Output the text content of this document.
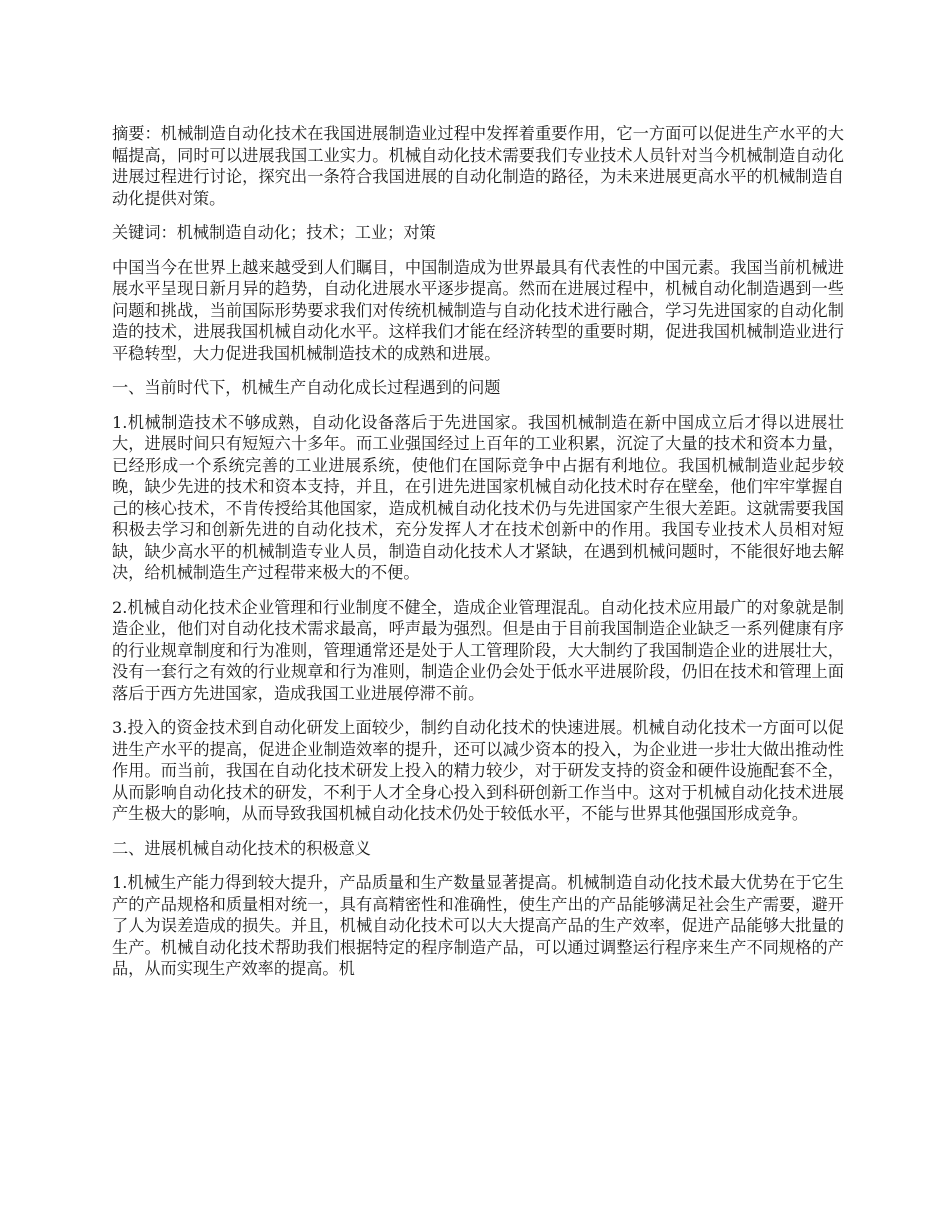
摘要：机械制造自动化技术在我国进展制造业过程中发挥着重要作用，它一方面可以促进生产水平的大幅提高，同时可以进展我国工业实力。机械自动化技术需要我们专业技术人员针对当今机械制造自动化进展过程进行讨论，探究出一条符合我国进展的自动化制造的路径，为未来进展更高水平的机械制造自动化提供对策。

关键词：机械制造自动化；技术；工业；对策

中国当今在世界上越来越受到人们瞩目，中国制造成为世界最具有代表性的中国元素。我国当前机械进展水平呈现日新月异的趋势，自动化进展水平逐步提高。然而在进展过程中，机械自动化制造遇到一些问题和挑战，当前国际形势要求我们对传统机械制造与自动化技术进行融合，学习先进国家的自动化制造的技术，进展我国机械自动化水平。这样我们才能在经济转型的重要时期，促进我国机械制造业进行平稳转型，大力促进我国机械制造技术的成熟和进展。

一、当前时代下，机械生产自动化成长过程遇到的问题

1.机械制造技术不够成熟，自动化设备落后于先进国家。我国机械制造在新中国成立后才得以进展壮大，进展时间只有短短六十多年。而工业强国经过上百年的工业积累，沉淀了大量的技术和资本力量，已经形成一个系统完善的工业进展系统，使他们在国际竞争中占据有利地位。我国机械制造业起步较晚，缺少先进的技术和资本支持，并且，在引进先进国家机械自动化技术时存在壁垒，他们牢牢掌握自己的核心技术，不肯传授给其他国家，造成机械自动化技术仍与先进国家产生很大差距。这就需要我国积极去学习和创新先进的自动化技术，充分发挥人才在技术创新中的作用。我国专业技术人员相对短缺，缺少高水平的机械制造专业人员，制造自动化技术人才紧缺，在遇到机械问题时，不能很好地去解决，给机械制造生产过程带来极大的不便。

2.机械自动化技术企业管理和行业制度不健全，造成企业管理混乱。自动化技术应用最广的对象就是制造企业，他们对自动化技术需求最高，呼声最为强烈。但是由于目前我国制造企业缺乏一系列健康有序的行业规章制度和行为准则，管理通常还是处于人工管理阶段，大大制约了我国制造企业的进展壮大，没有一套行之有效的行业规章和行为准则，制造企业仍会处于低水平进展阶段，仍旧在技术和管理上面落后于西方先进国家，造成我国工业进展停滞不前。

3.投入的资金技术到自动化研发上面较少，制约自动化技术的快速进展。机械自动化技术一方面可以促进生产水平的提高，促进企业制造效率的提升，还可以减少资本的投入，为企业进一步壮大做出推动性作用。而当前，我国在自动化技术研发上投入的精力较少，对于研发支持的资金和硬件设施配套不全，从而影响自动化技术的研发，不利于人才全身心投入到科研创新工作当中。这对于机械自动化技术进展产生极大的影响，从而导致我国机械自动化技术仍处于较低水平，不能与世界其他强国形成竞争。

二、进展机械自动化技术的积极意义

1.机械生产能力得到较大提升，产品质量和生产数量显著提高。机械制造自动化技术最大优势在于它生产的产品规格和质量相对统一，具有高精密性和准确性，使生产出的产品能够满足社会生产需要，避开了人为误差造成的损失。并且，机械自动化技术可以大大提高产品的生产效率，促进产品能够大批量的生产。机械自动化技术帮助我们根据特定的程序制造产品，可以通过调整运行程序来生产不同规格的产品，从而实现生产效率的提高。机
